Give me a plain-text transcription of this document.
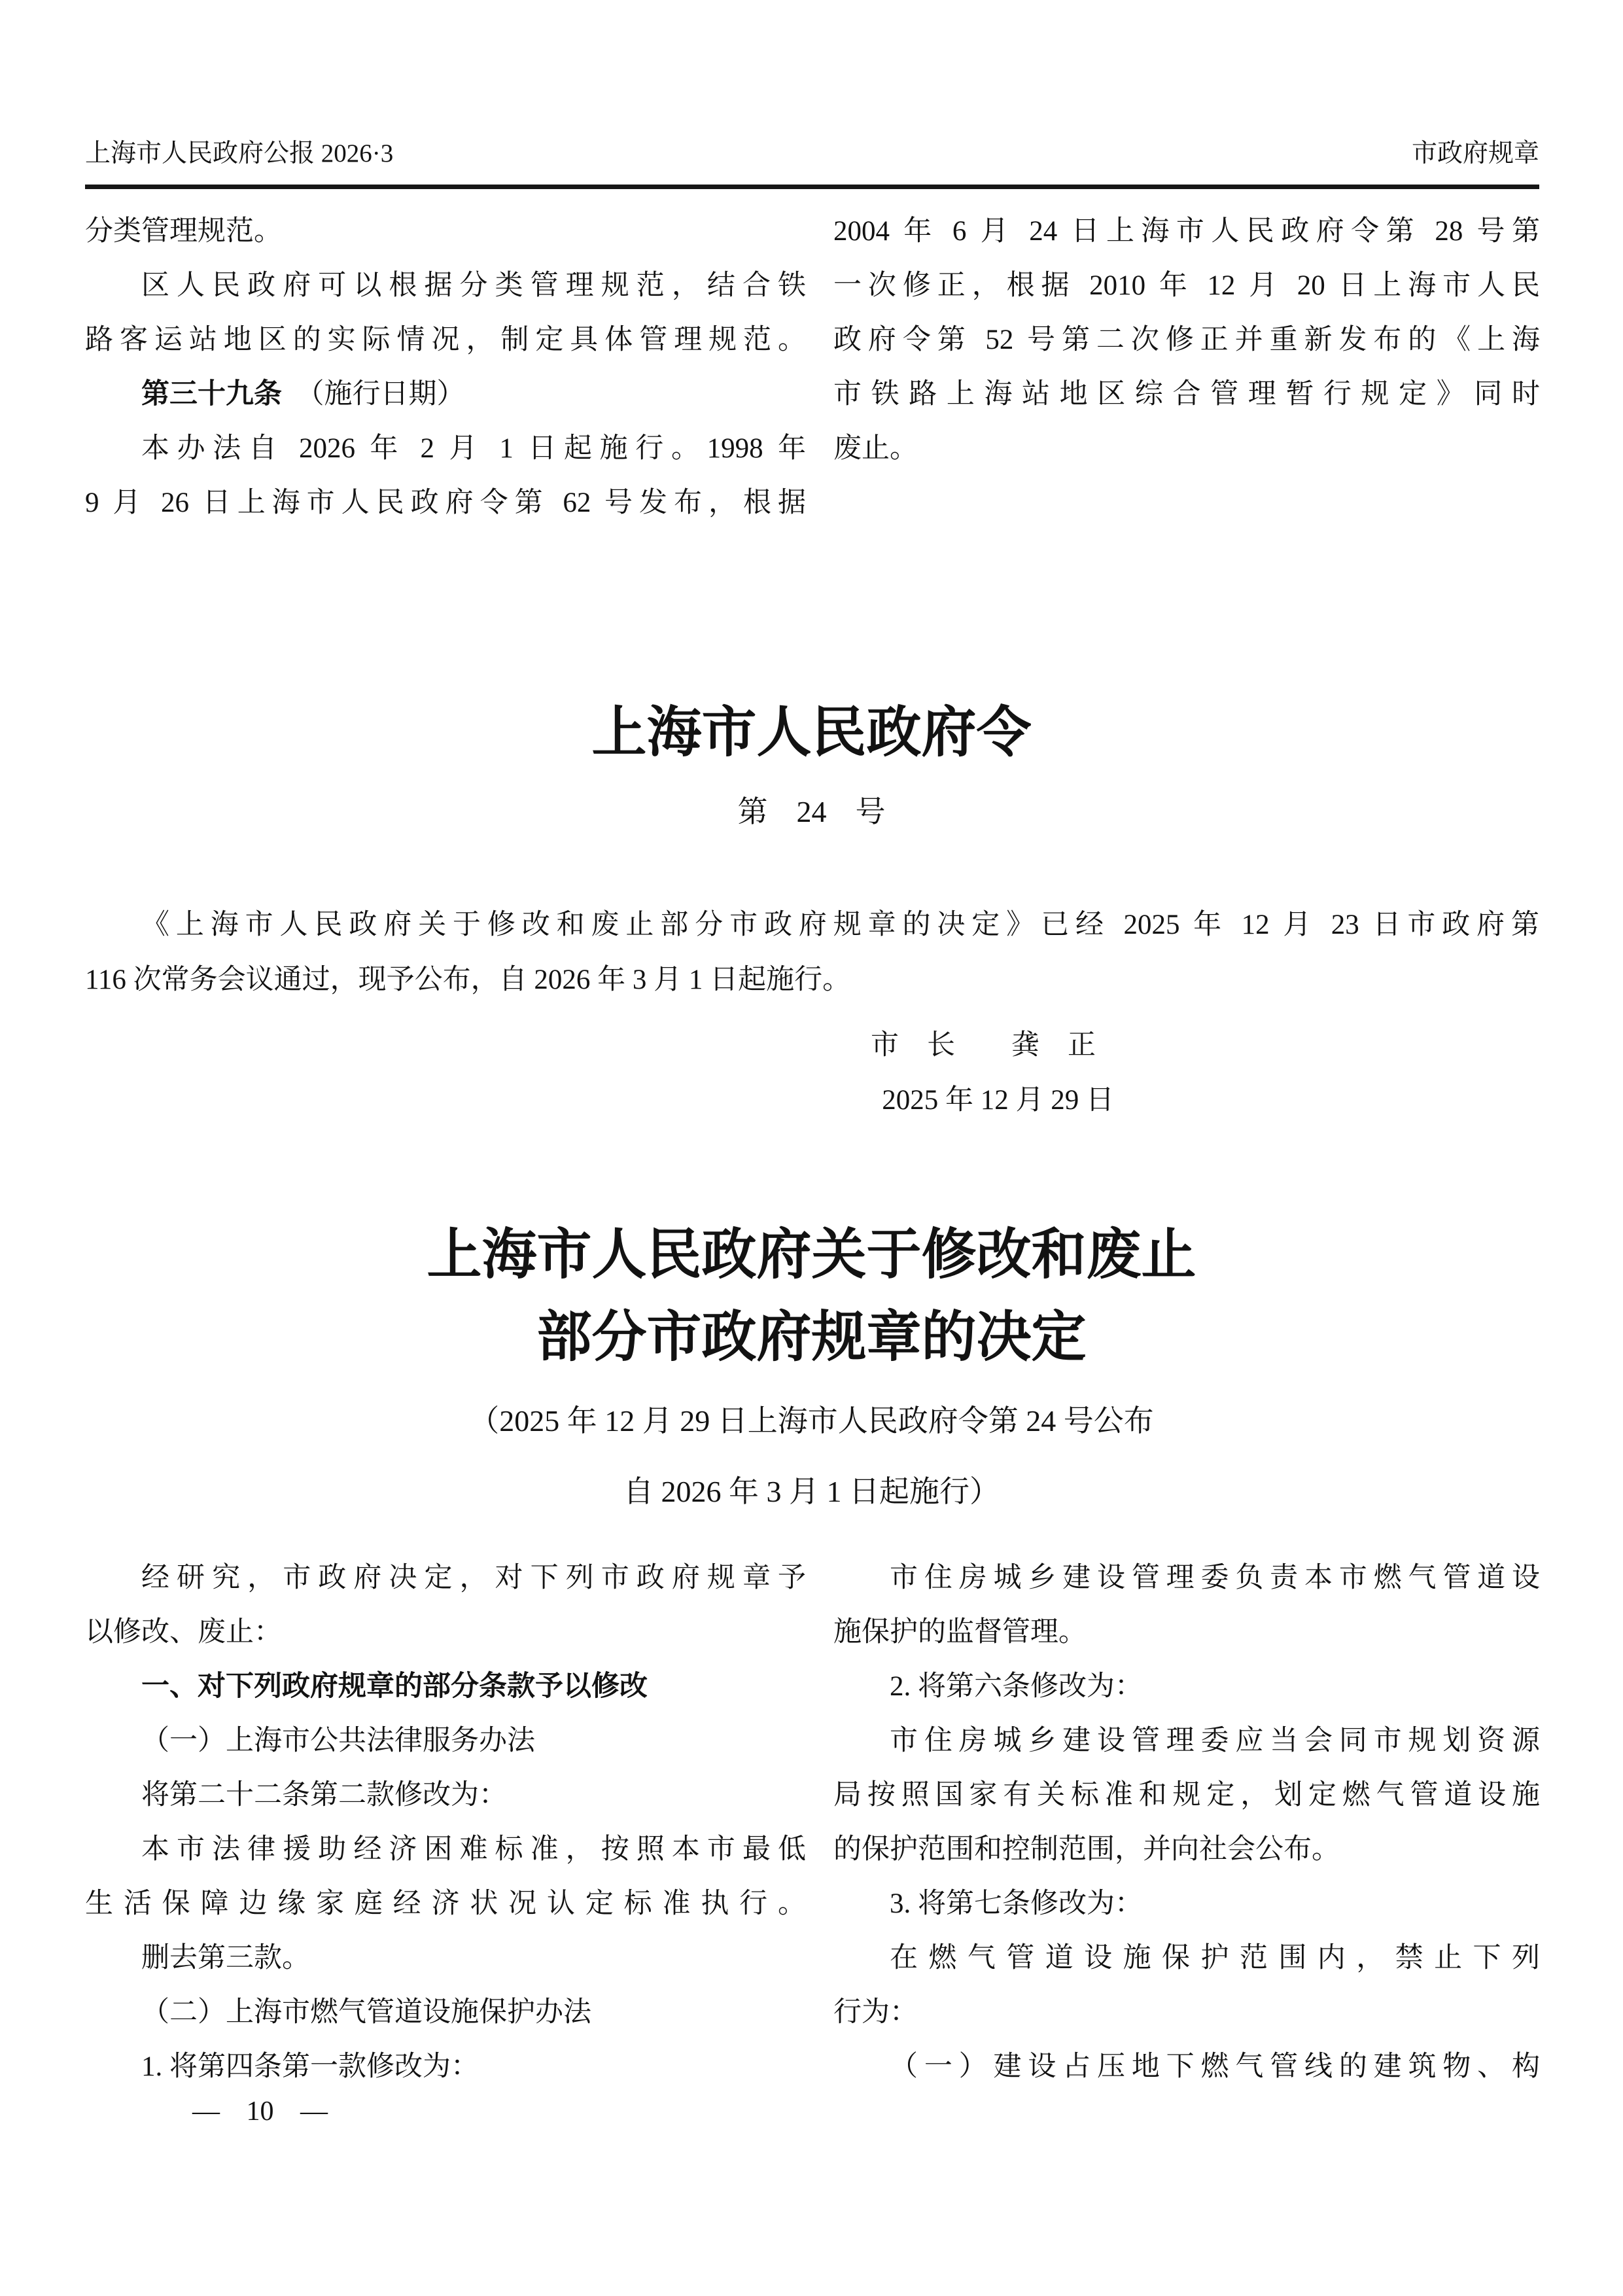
上海市人民政府公报 2026·3	市政府规章
分类管理规范。
区人民政府可以根据分类管理规范，结合铁
路客运站地区的实际情况，制定具体管理规范。
第三十九条　（施行日期）
本办法自 2026 年 2 月 1 日起施行。1998 年
9 月 26 日上海市人民政府令第 62 号发布，根据
2004 年 6 月 24 日上海市人民政府令第 28 号第
一次修正，根据 2010 年 12 月 20 日上海市人民
政府令第 52 号第二次修正并重新发布的《上海
市铁路上海站地区综合管理暂行规定》同时
废止。
上海市人民政府令
第 24 号
《上海市人民政府关于修改和废止部分市政府规章的决定》已经 2025 年 12 月 23 日市政府第
116 次常务会议通过，现予公布，自 2026 年 3 月 1 日起施行。
市　长　　龚　正
2025 年 12 月 29 日
上海市人民政府关于修改和废止
部分市政府规章的决定
（2025 年 12 月 29 日上海市人民政府令第 24 号公布
自 2026 年 3 月 1 日起施行）
经研究，市政府决定，对下列市政府规章予
以修改、废止：
一、对下列政府规章的部分条款予以修改
（一）上海市公共法律服务办法
将第二十二条第二款修改为：
本市法律援助经济困难标准，按照本市最低
生活保障边缘家庭经济状况认定标准执行。
删去第三款。
（二）上海市燃气管道设施保护办法
1. 将第四条第一款修改为：
市住房城乡建设管理委负责本市燃气管道设
施保护的监督管理。
2. 将第六条修改为：
市住房城乡建设管理委应当会同市规划资源
局按照国家有关标准和规定，划定燃气管道设施
的保护范围和控制范围，并向社会公布。
3. 将第七条修改为：
在燃气管道设施保护范围内，禁止下列
行为：
（一）建设占压地下燃气管线的建筑物、构
— 10 —
